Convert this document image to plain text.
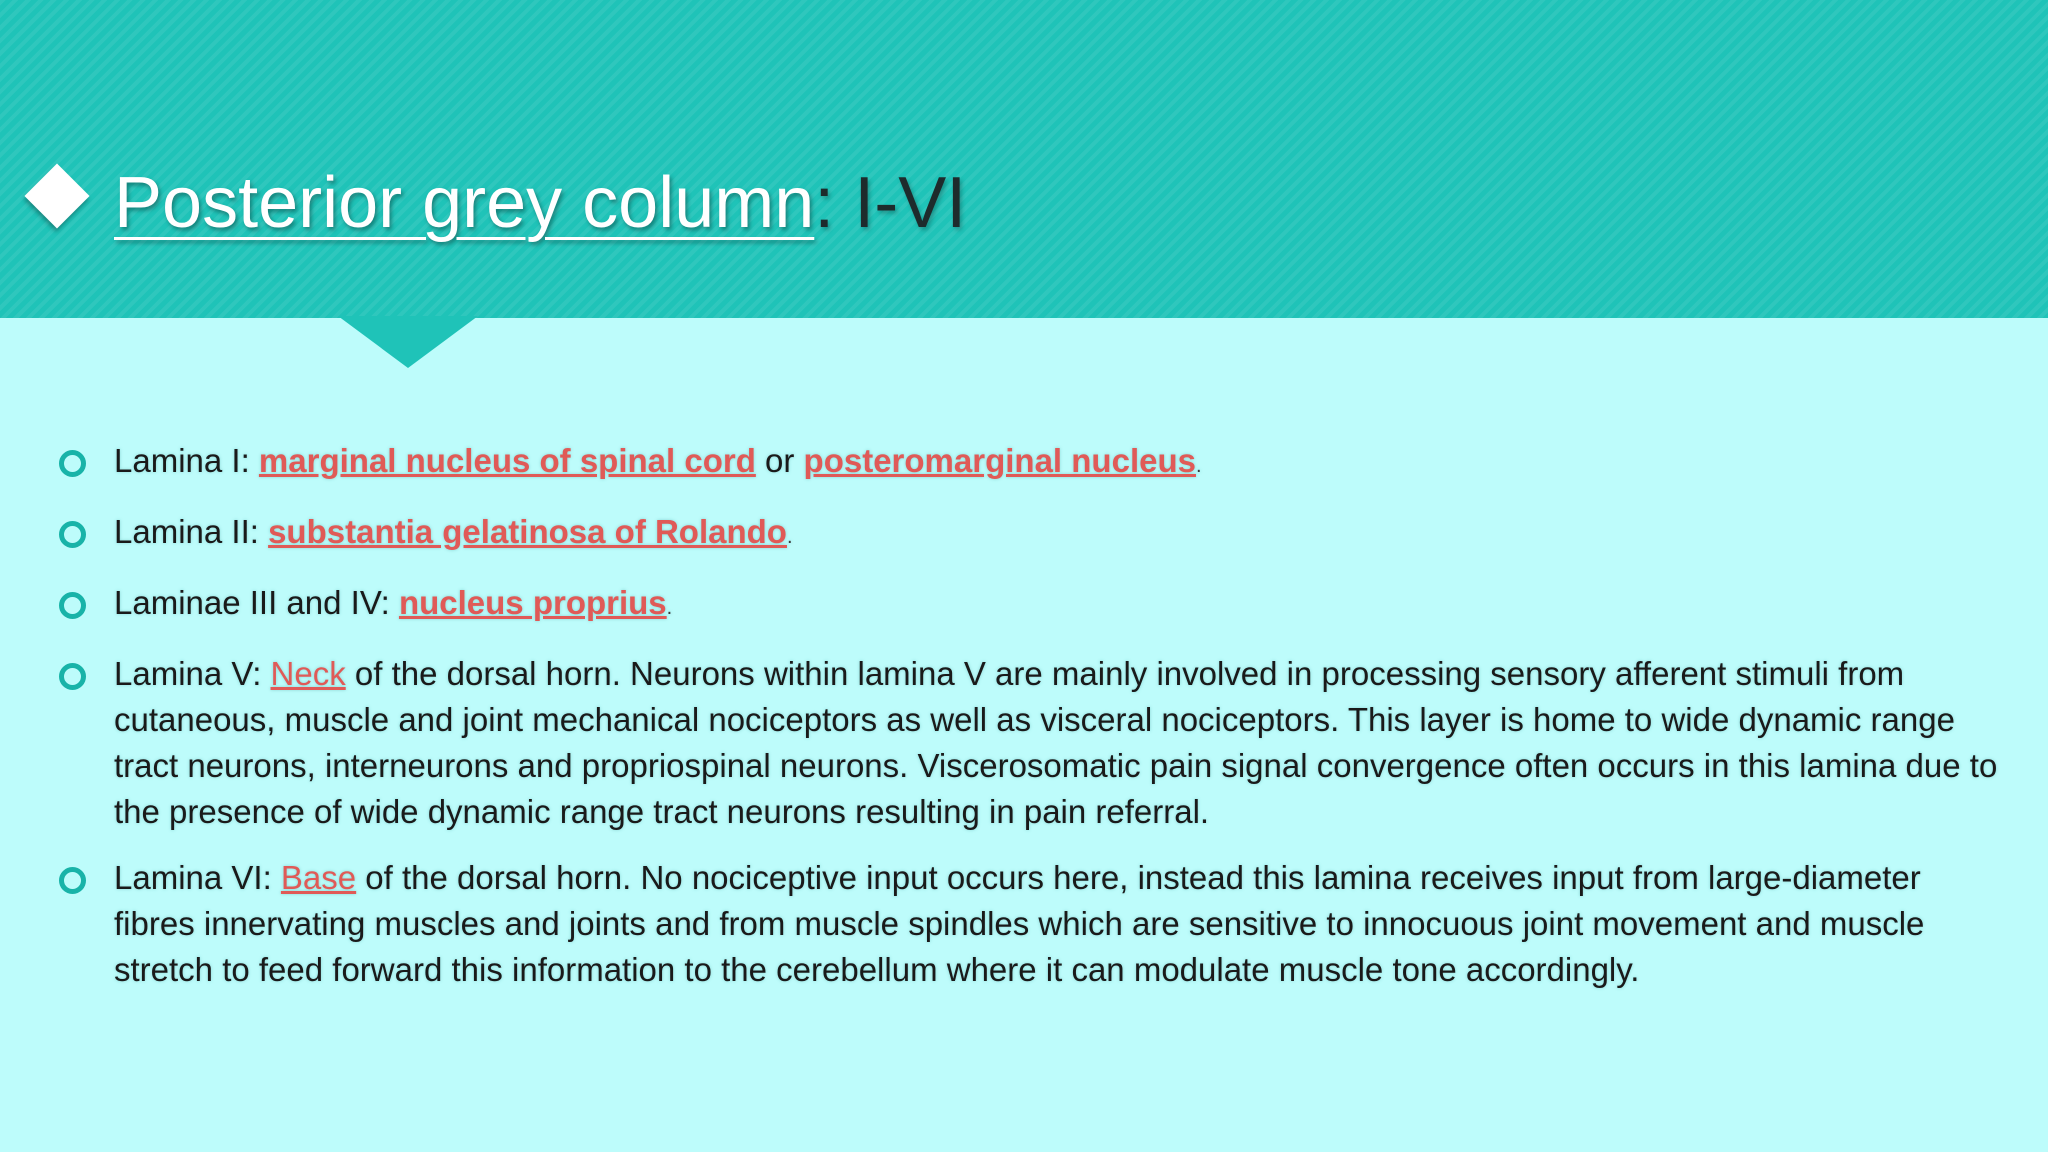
Posterior grey column: I-VI
Lamina I: marginal nucleus of spinal cord or posteromarginal nucleus.
Lamina II: substantia gelatinosa of Rolando.
Laminae III and IV: nucleus proprius.
Lamina V: Neck of the dorsal horn. Neurons within lamina V are mainly involved in processing sensory afferent stimuli from cutaneous, muscle and joint mechanical nociceptors as well as visceral nociceptors. This layer is home to wide dynamic range tract neurons, interneurons and propriospinal neurons. Viscerosomatic pain signal convergence often occurs in this lamina due to the presence of wide dynamic range tract neurons resulting in pain referral.
Lamina VI: Base of the dorsal horn. No nociceptive input occurs here, instead this lamina receives input from large-diameter fibres innervating muscles and joints and from muscle spindles which are sensitive to innocuous joint movement and muscle stretch to feed forward this information to the cerebellum where it can modulate muscle tone accordingly.
